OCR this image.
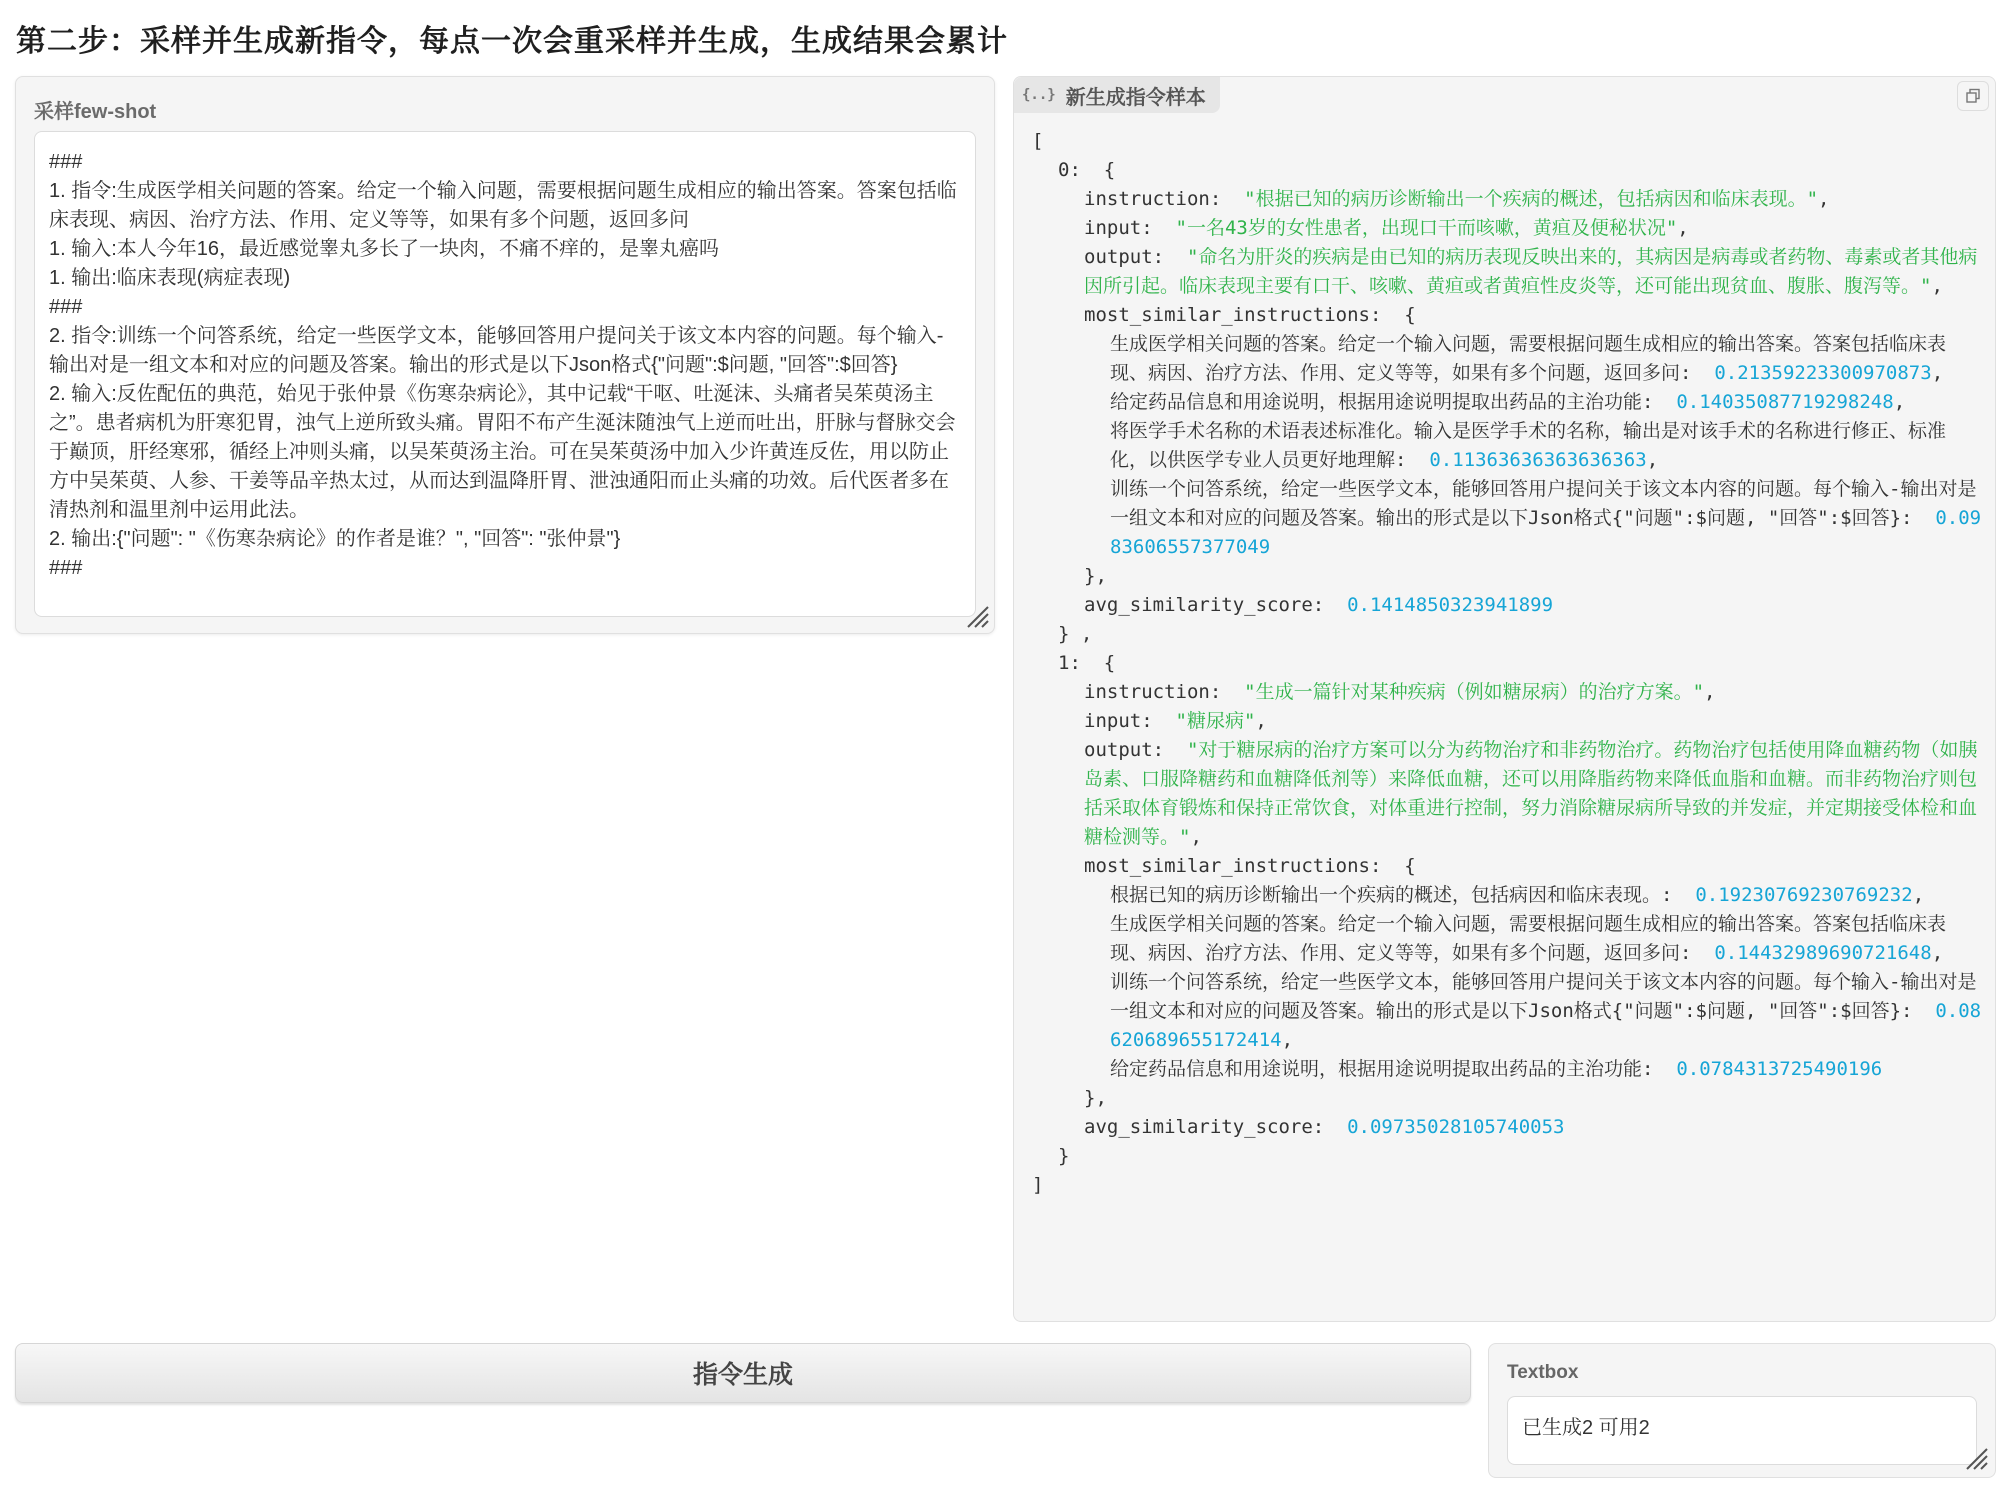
第二步：采样并生成新指令，每点一次会重采样并生成，生成结果会累计
采样few-shot
###
1. 指令:生成医学相关问题的答案。给定一个输入问题，需要根据问题生成相应的输出答案。答案包括临床表现、病因、治疗方法、作用、定义等等，如果有多个问题，返回多问
1. 输入:本人今年16，最近感觉睾丸多长了一块肉，不痛不痒的，是睾丸癌吗
1. 输出:临床表现(病症表现)
###
2. 指令:训练一个问答系统，给定一些医学文本，能够回答用户提问关于该文本内容的问题。每个输入-输出对是一组文本和对应的问题及答案。输出的形式是以下Json格式{"问题":$问题, "回答":$回答}
2. 输入:反佐配伍的典范，始见于张仲景《伤寒杂病论》，其中记载“干呕、吐涎沫、头痛者吴茱萸汤主之”。患者病机为肝寒犯胃，浊气上逆所致头痛。胃阳不布产生涎沫随浊气上逆而吐出，肝脉与督脉交会于巅顶，肝经寒邪，循经上冲则头痛，以吴茱萸汤主治。可在吴茱萸汤中加入少许黄连反佐，用以防止方中吴茱萸、人参、干姜等品辛热太过，从而达到温降肝胃、泄浊通阳而止头痛的功效。后代医者多在清热剂和温里剂中运用此法。
2. 输出:{"问题": "《伤寒杂病论》的作者是谁？", "回答": "张仲景"}
###
{..} 新生成指令样本
[
0:  {
instruction:  "根据已知的病历诊断输出一个疾病的概述，包括病因和临床表现。",
input:  "一名43岁的女性患者，出现口干而咳嗽，黄疸及便秘状况",
output:  "命名为肝炎的疾病是由已知的病历表现反映出来的，其病因是病毒或者药物、毒素或者其他病因所引起。临床表现主要有口干、咳嗽、黄疸或者黄疸性皮炎等，还可能出现贫血、腹胀、腹泻等。",
most_similar_instructions:  {
生成医学相关问题的答案。给定一个输入问题，需要根据问题生成相应的输出答案。答案包括临床表现、病因、治疗方法、作用、定义等等，如果有多个问题，返回多问: 0.21359223300970873,
给定药品信息和用途说明，根据用途说明提取出药品的主治功能: 0.14035087719298248,
将医学手术名称的术语表述标准化。输入是医学手术的名称，输出是对该手术的名称进行修正、标准化，以供医学专业人员更好地理解: 0.11363636363636363,
训练一个问答系统，给定一些医学文本，能够回答用户提问关于该文本内容的问题。每个输入-输出对是一组文本和对应的问题及答案。输出的形式是以下Json格式{"问题":$问题, "回答":$回答}: 0.0983606557377049
},
avg_similarity_score:  0.1414850323941899
} ,
1:  {
instruction:  "生成一篇针对某种疾病（例如糖尿病）的治疗方案。",
input:  "糖尿病",
output:  "对于糖尿病的治疗方案可以分为药物治疗和非药物治疗。药物治疗包括使用降血糖药物（如胰岛素、口服降糖药和血糖降低剂等）来降低血糖，还可以用降脂药物来降低血脂和血糖。而非药物治疗则包括采取体育锻炼和保持正常饮食，对体重进行控制，努力消除糖尿病所导致的并发症，并定期接受体检和血糖检测等。",
most_similar_instructions:  {
根据已知的病历诊断输出一个疾病的概述，包括病因和临床表现。: 0.19230769230769232,
生成医学相关问题的答案。给定一个输入问题，需要根据问题生成相应的输出答案。答案包括临床表现、病因、治疗方法、作用、定义等等，如果有多个问题，返回多问: 0.14432989690721648,
训练一个问答系统，给定一些医学文本，能够回答用户提问关于该文本内容的问题。每个输入-输出对是一组文本和对应的问题及答案。输出的形式是以下Json格式{"问题":$问题, "回答":$回答}: 0.08620689655172414,
给定药品信息和用途说明，根据用途说明提取出药品的主治功能: 0.0784313725490196
},
avg_similarity_score:  0.09735028105740053
}
]
指令生成	Textbox
已生成2 可用2
